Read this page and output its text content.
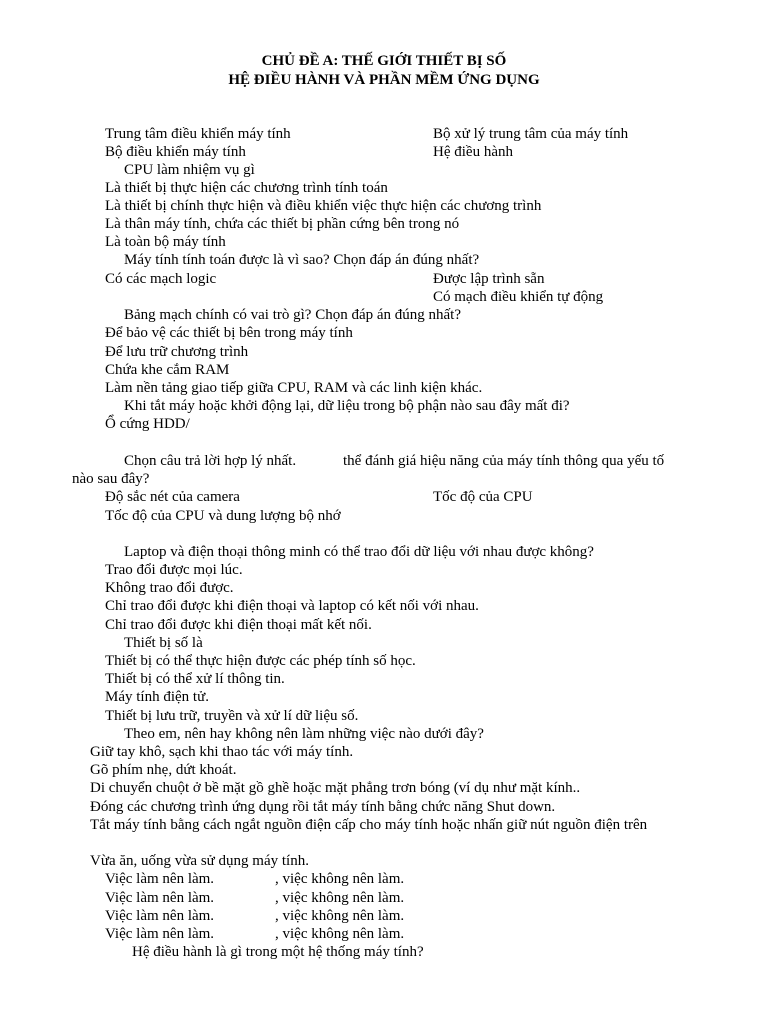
CHỦ ĐỀ A: THẾ GIỚI THIẾT BỊ SỐ
HỆ ĐIỀU HÀNH VÀ PHẦN MỀM ỨNG DỤNG
Trung tâm điều khiển máy tính	Bộ xử lý trung tâm của máy tính
Bộ điều khiển máy tính	Hệ điều hành
CPU làm nhiệm vụ gì
Là thiết bị thực hiện các chương trình tính toán
Là thiết bị chính thực hiện và điều khiển việc thực hiện các chương trình
Là thân máy tính, chứa các thiết bị phần cứng bên trong nó
Là toàn bộ máy tính
Máy tính tính toán được là vì sao? Chọn đáp án đúng nhất?
Có các mạch logic	Được lập trình sẵn
Có mạch điều khiển tự động
Bảng mạch chính có vai trò gì? Chọn đáp án đúng nhất?
Để bảo vệ các thiết bị bên trong máy tính
Để lưu trữ chương trình
Chứa khe cắm RAM
Làm nền tảng giao tiếp giữa CPU, RAM và các linh kiện khác.
Khi tắt máy hoặc khởi động lại, dữ liệu trong bộ phận nào sau đây mất đi?
Ổ cứng HDD/
Chọn câu trả lời hợp lý nhất.	thể đánh giá hiệu năng của máy tính thông qua yếu tố
nào sau đây?
Độ sắc nét của camera	Tốc độ của CPU
Tốc độ của CPU và dung lượng bộ nhớ
Laptop và điện thoại thông minh có thể trao đổi dữ liệu với nhau được không?
Trao đổi được mọi lúc.
Không trao đổi được.
Chỉ trao đổi được khi điện thoại và laptop có kết nối với nhau.
Chỉ trao đổi được khi điện thoại mất kết nối.
Thiết bị số là
Thiết bị có thể thực hiện được các phép tính số học.
Thiết bị có thể xử lí thông tin.
Máy tính điện tử.
Thiết bị lưu trữ, truyền và xử lí dữ liệu số.
Theo em, nên hay không nên làm những việc nào dưới đây?
Giữ tay khô, sạch khi thao tác với máy tính.
Gõ phím nhẹ, dứt khoát.
Di chuyển chuột ở bề mặt gồ ghề hoặc mặt phẳng trơn bóng (ví dụ như mặt kính..
Đóng các chương trình ứng dụng rồi tắt máy tính bằng chức năng Shut down.
Tắt máy tính bằng cách ngắt nguồn điện cấp cho máy tính hoặc nhấn giữ nút nguồn điện trên
Vừa ăn, uống vừa sử dụng máy tính.
Việc làm nên làm.	, việc không nên làm.
Việc làm nên làm.	, việc không nên làm.
Việc làm nên làm.	, việc không nên làm.
Việc làm nên làm.	, việc không nên làm.
Hệ điều hành là gì trong một hệ thống máy tính?
